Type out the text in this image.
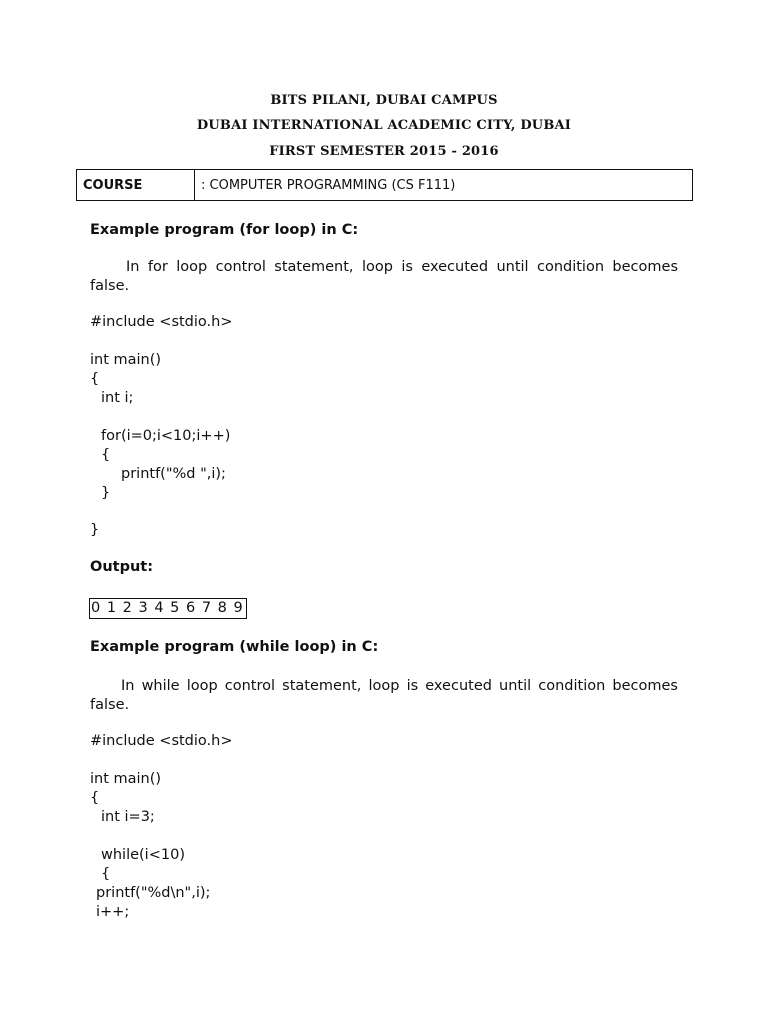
BITS PILANI, DUBAI CAMPUS
DUBAI INTERNATIONAL ACADEMIC CITY, DUBAI
FIRST SEMESTER 2015 - 2016
COURSE	: COMPUTER PROGRAMMING (CS F111)
Example program (for loop) in C:
In for loop control statement, loop is executed until condition becomes
false.
#include <stdio.h>
int main()
{
int i;
for(i=0;i<10;i++)
{
printf("%d ",i);
}
}
Output:
0 1 2 3 4 5 6 7 8 9
Example program (while loop) in C:
In while loop control statement, loop is executed until condition becomes
false.
#include <stdio.h>
int main()
{
int i=3;
while(i<10)
{
printf("%d\n",i);
i++;
